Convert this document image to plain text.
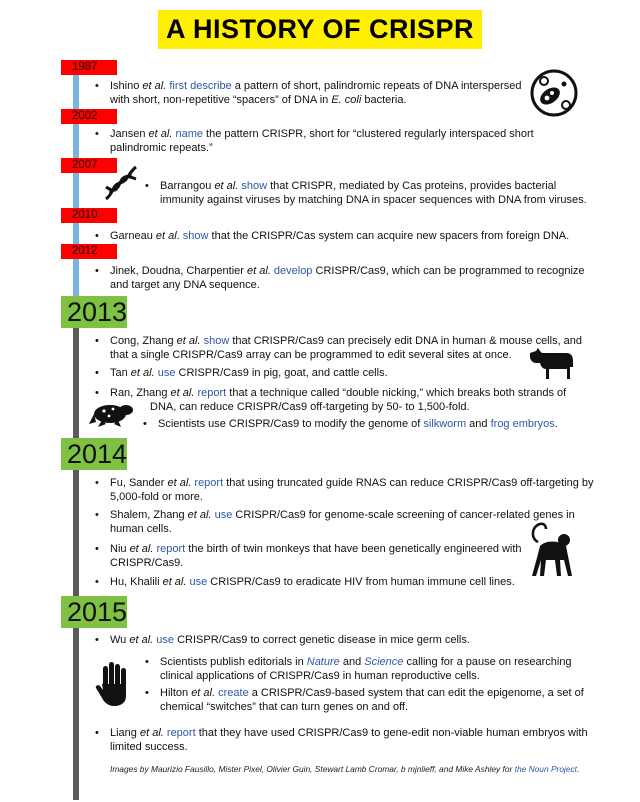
A HISTORY OF CRISPR
1987
2002
2007
2010
2012
2013
2014
2015
• Ishino et al. first describe a pattern of short, palindromic repeats of DNA interspersed
with short, non-repetitive “spacers” of DNA in E. coli bacteria.
• Jansen et al. name the pattern CRISPR, short for “clustered regularly interspaced short
palindromic repeats.”
• Barrangou et al. show that CRISPR, mediated by Cas proteins, provides bacterial
immunity against viruses by matching DNA in spacer sequences with DNA from viruses.
• Garneau et al. show that the CRISPR/Cas system can acquire new spacers from foreign DNA.
• Jinek, Doudna, Charpentier et al. develop CRISPR/Cas9, which can be programmed to recognize
and target any DNA sequence.
• Cong, Zhang et al. show that CRISPR/Cas9 can precisely edit DNA in human & mouse cells, and
that a single CRISPR/Cas9 array can be programmed to edit several sites at once.
• Tan et al. use CRISPR/Cas9 in pig, goat, and cattle cells.
• Ran, Zhang et al. report that a technique called “double nicking,” which breaks both strands of
DNA, can reduce CRISPR/Cas9 off-targeting by 50- to 1,500-fold.
• Scientists use CRISPR/Cas9 to modify the genome of silkworm and frog embryos.
• Fu, Sander et al. report that using truncated guide RNAS can reduce CRISPR/Cas9 off-targeting by
5,000-fold or more.
• Shalem, Zhang et al. use CRISPR/Cas9 for genome-scale screening of cancer-related genes in
human cells.
• Niu et al. report the birth of twin monkeys that have been genetically engineered with
CRISPR/Cas9.
• Hu, Khalili et al. use CRISPR/Cas9 to eradicate HIV from human immune cell lines.
• Wu et al. use CRISPR/Cas9 to correct genetic disease in mice germ cells.
• Scientists publish editorials in Nature and Science calling for a pause on researching
clinical applications of CRISPR/Cas9 in human reproductive cells.
• Hilton et al. create a CRISPR/Cas9-based system that can edit the epigenome, a set of
chemical “switches” that can turn genes on and off.
• Liang et al. report that they have used CRISPR/Cas9 to gene-edit non-viable human embryos with
limited success.
Images by Maurizio Fausillo, Mister Pixel, Olivier Guin, Stewart Lamb Cromar, b mjnlieff, and Mike Ashley for the Noun Project.
